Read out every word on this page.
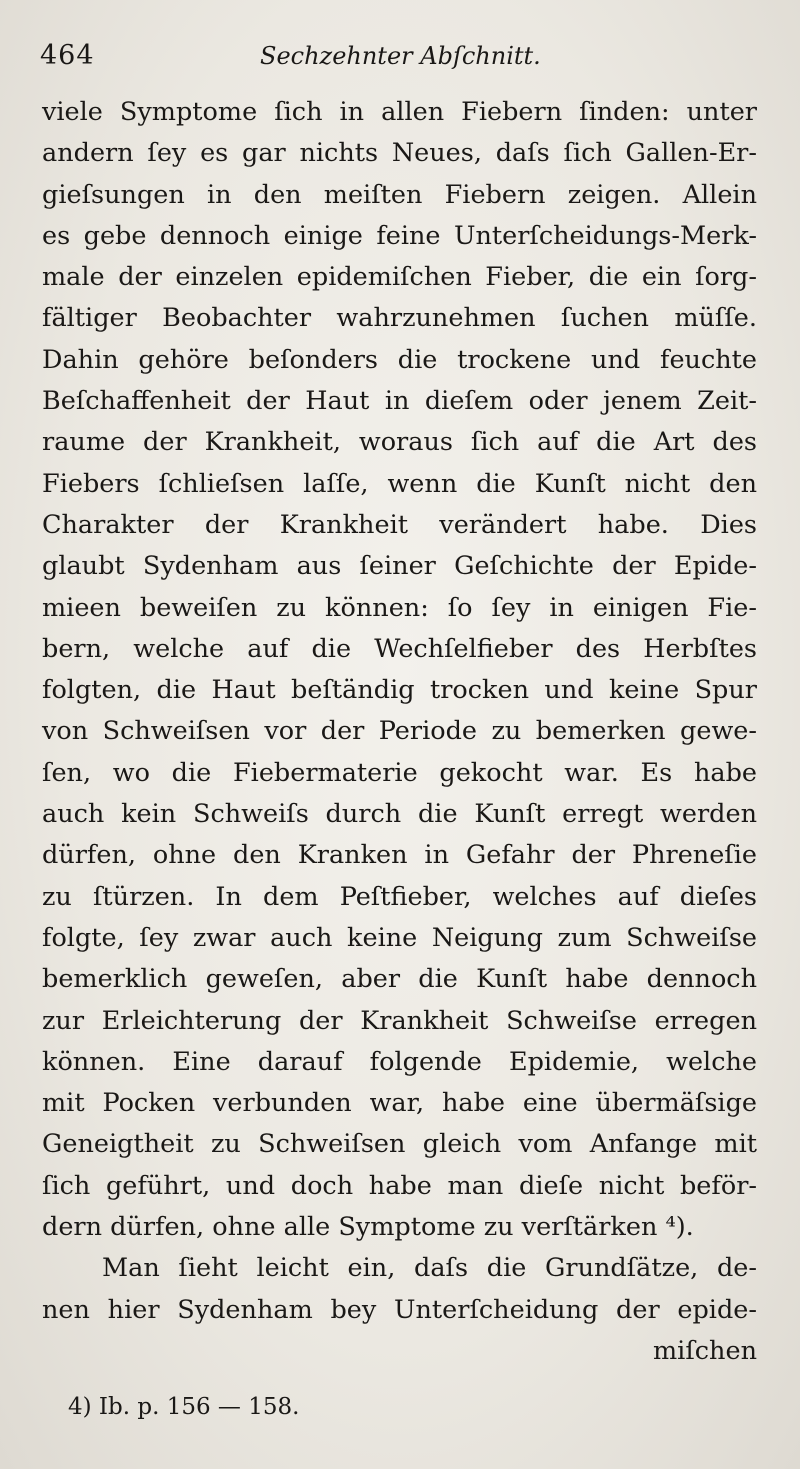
464	Sechzehnter Abſchnitt.
viele Symptome ſich in allen Fiebern ſinden: unter
andern ſey es gar nichts Neues, daſs ſich Gallen-Er-
gieſsungen in den meiſten Fiebern zeigen. Allein
es gebe dennoch einige feine Unterſcheidungs-Merk-
male der einzelen epidemiſchen Fieber, die ein ſorg-
fältiger Beobachter wahrzunehmen ſuchen müſſe.
Dahin gehöre beſonders die trockene und feuchte
Beſchaffenheit der Haut in dieſem oder jenem Zeit-
raume der Krankheit, woraus ſich auf die Art des
Fiebers ſchlieſsen laſſe, wenn die Kunſt nicht den
Charakter der Krankheit verändert habe. Dies
glaubt Sydenham aus ſeiner Geſchichte der Epide-
mieen beweiſen zu können: ſo ſey in einigen Fie-
bern, welche auf die Wechſelfieber des Herbſtes
folgten, die Haut beſtändig trocken und keine Spur
von Schweiſsen vor der Periode zu bemerken gewe-
ſen, wo die Fiebermaterie gekocht war. Es habe
auch kein Schweiſs durch die Kunſt erregt werden
dürfen, ohne den Kranken in Gefahr der Phreneſie
zu ſtürzen. In dem Peſtfieber, welches auf dieſes
folgte, ſey zwar auch keine Neigung zum Schweiſse
bemerklich geweſen, aber die Kunſt habe dennoch
zur Erleichterung der Krankheit Schweiſse erregen
können. Eine darauf folgende Epidemie, welche
mit Pocken verbunden war, habe eine übermäſsige
Geneigtheit zu Schweiſsen gleich vom Anfange mit
ſich geführt, und doch habe man dieſe nicht beför-
dern dürfen, ohne alle Symptome zu verſtärken ⁴).
Man ſieht leicht ein, daſs die Grundſätze, de-
nen hier Sydenham bey Unterſcheidung der epide-
miſchen
4) Ib. p. 156 — 158.
